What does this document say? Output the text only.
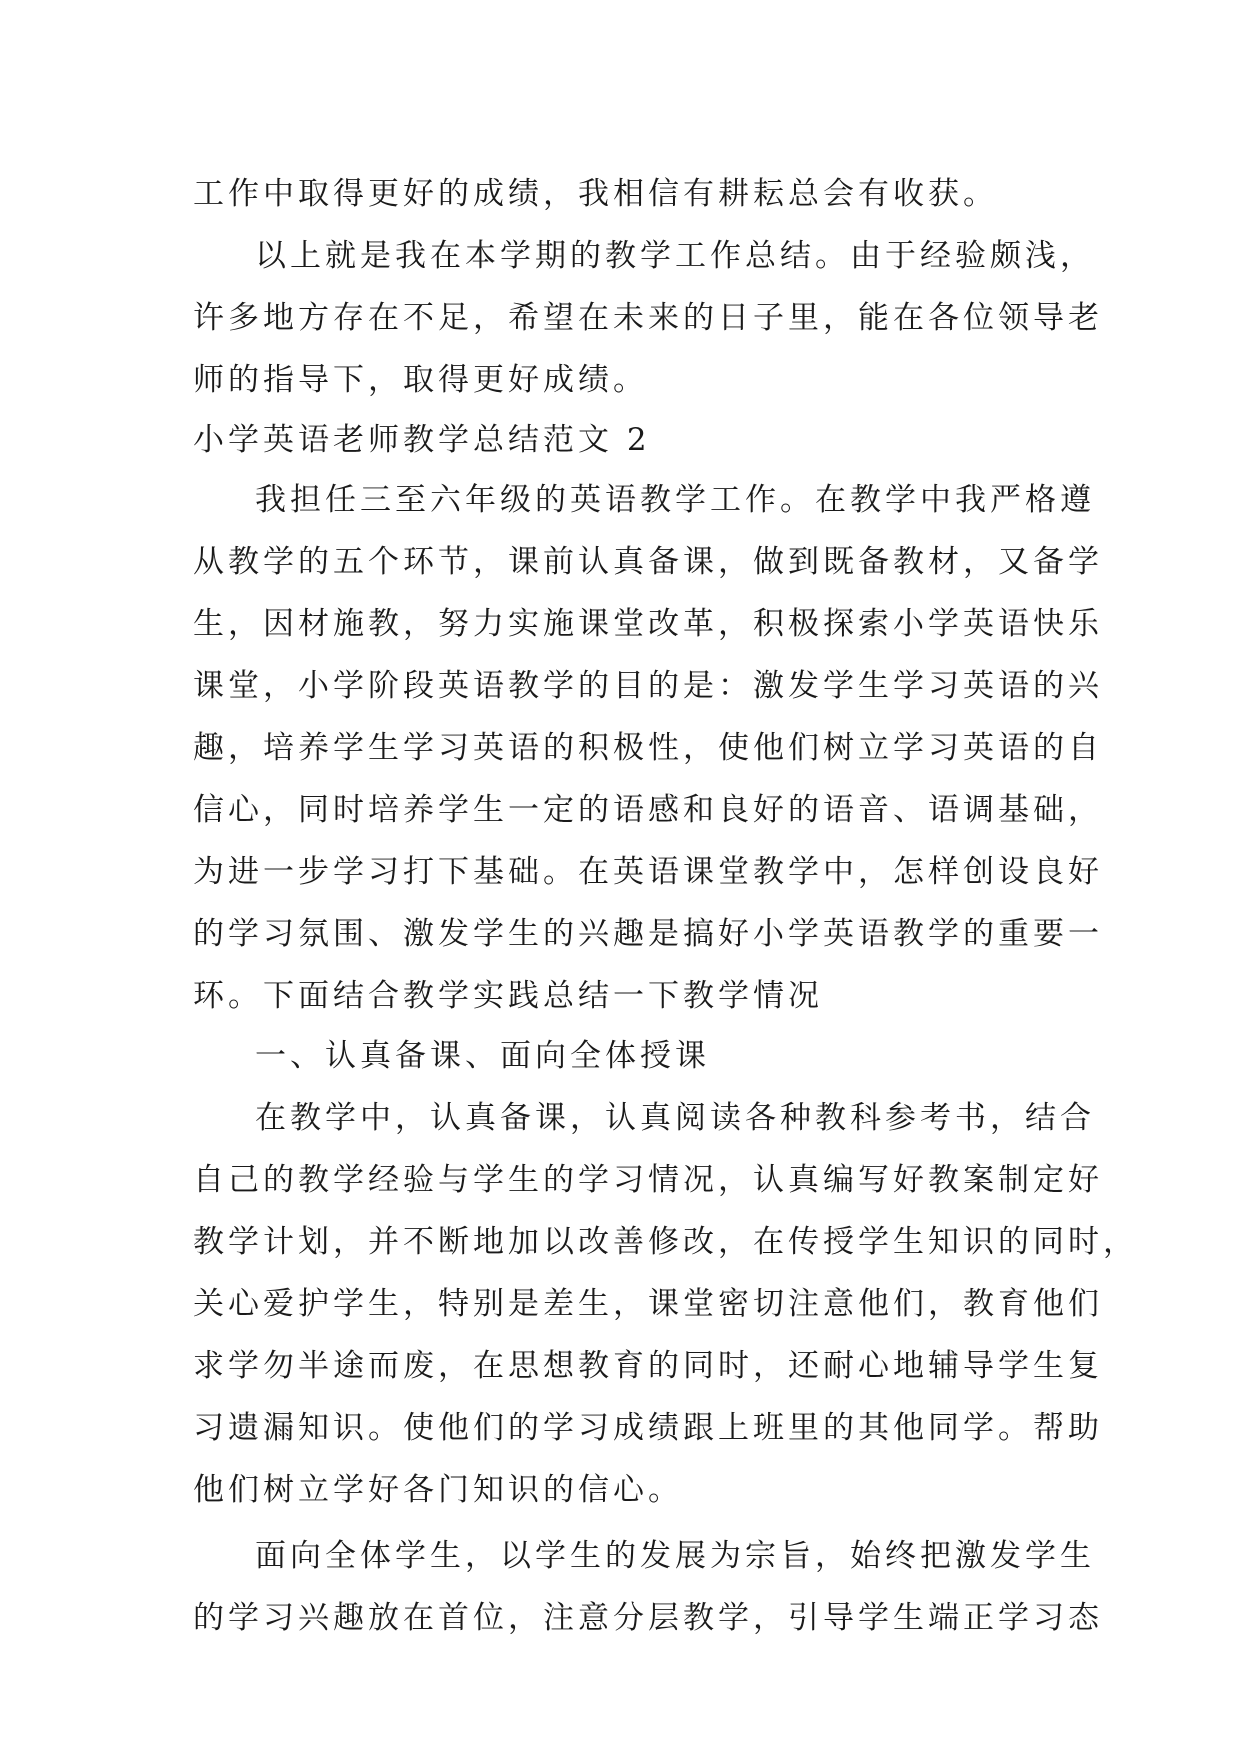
工作中取得更好的成绩，我相信有耕耘总会有收获。
以上就是我在本学期的教学工作总结。由于经验颇浅，
许多地方存在不足，希望在未来的日子里，能在各位领导老
师的指导下，取得更好成绩。
小学英语老师教学总结范文 2
我担任三至六年级的英语教学工作。在教学中我严格遵
从教学的五个环节，课前认真备课，做到既备教材，又备学
生，因材施教，努力实施课堂改革，积极探索小学英语快乐
课堂，小学阶段英语教学的目的是：激发学生学习英语的兴
趣，培养学生学习英语的积极性，使他们树立学习英语的自
信心，同时培养学生一定的语感和良好的语音、语调基础，
为进一步学习打下基础。在英语课堂教学中，怎样创设良好
的学习氛围、激发学生的兴趣是搞好小学英语教学的重要一
环。下面结合教学实践总结一下教学情况
一、认真备课、面向全体授课
在教学中，认真备课，认真阅读各种教科参考书，结合
自己的教学经验与学生的学习情况，认真编写好教案制定好
教学计划，并不断地加以改善修改，在传授学生知识的同时，
关心爱护学生，特别是差生，课堂密切注意他们，教育他们
求学勿半途而废，在思想教育的同时，还耐心地辅导学生复
习遗漏知识。使他们的学习成绩跟上班里的其他同学。帮助
他们树立学好各门知识的信心。
面向全体学生，以学生的发展为宗旨，始终把激发学生
的学习兴趣放在首位，注意分层教学，引导学生端正学习态
